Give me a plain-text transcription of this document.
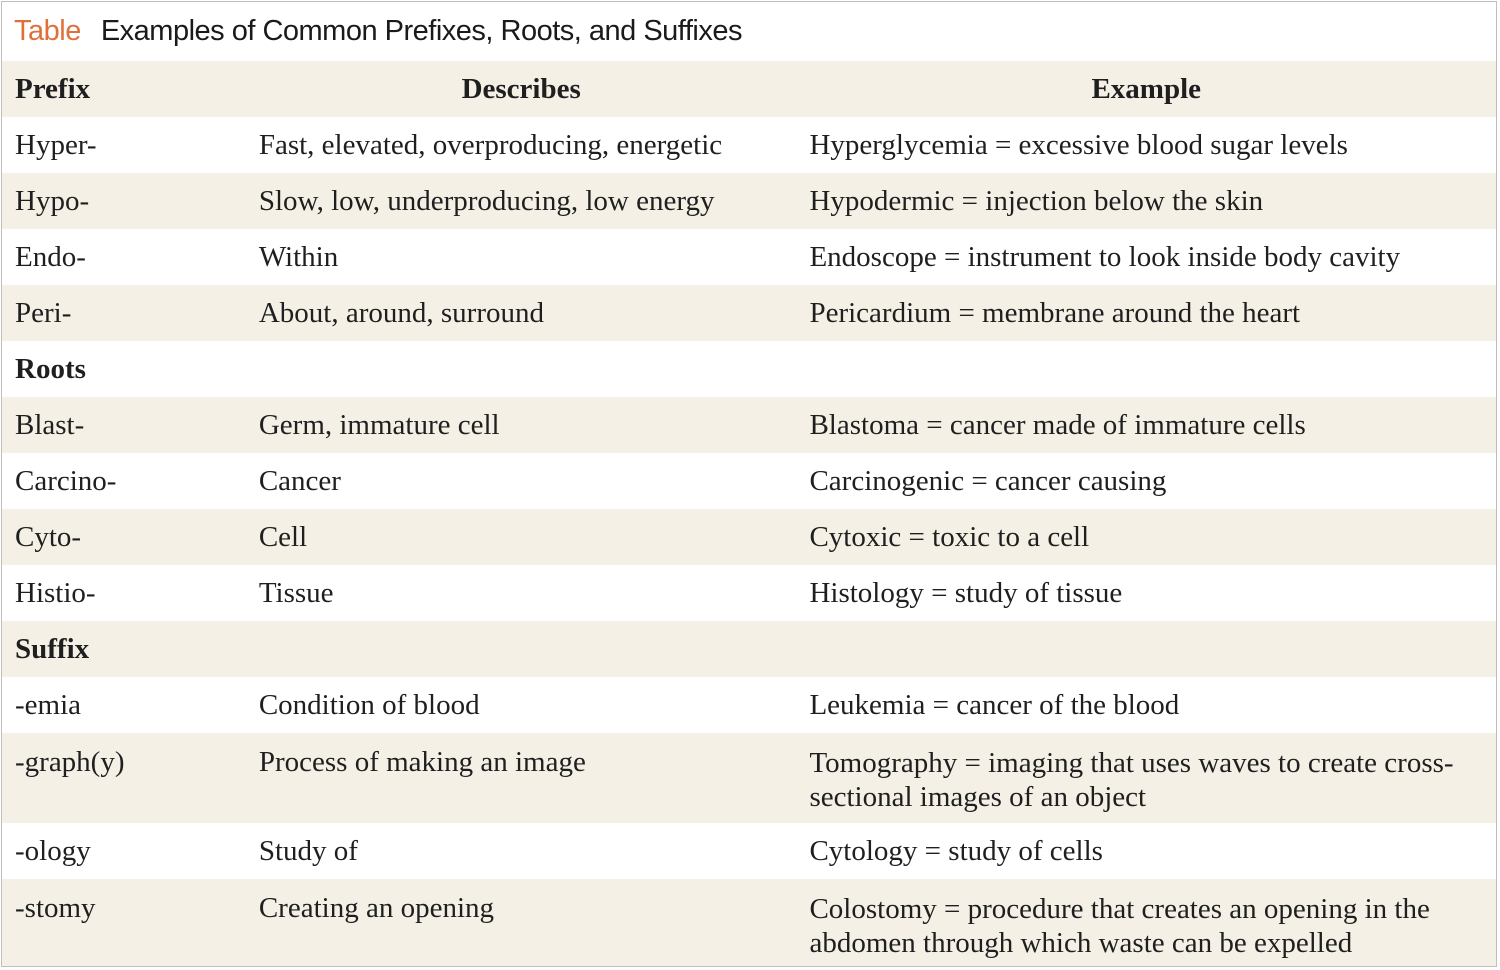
Table Examples of Common Prefixes, Roots, and Suffixes
Prefix	Describes	Example
Hyper-	Fast, elevated, overproducing, energetic	Hyperglycemia = excessive blood sugar levels
Hypo-	Slow, low, underproducing, low energy	Hypodermic = injection below the skin
Endo-	Within	Endoscope = instrument to look inside body cavity
Peri-	About, around, surround	Pericardium = membrane around the heart
Roots
Blast-	Germ, immature cell	Blastoma = cancer made of immature cells
Carcino-	Cancer	Carcinogenic = cancer causing
Cyto-	Cell	Cytoxic = toxic to a cell
Histio-	Tissue	Histology = study of tissue
Suffix
-emia	Condition of blood	Leukemia = cancer of the blood
-graph(y)	Process of making an image	Tomography = imaging that uses waves to create cross-sectional images of an object
-ology	Study of	Cytology = study of cells
-stomy	Creating an opening	Colostomy = procedure that creates an opening in the abdomen through which waste can be expelled
